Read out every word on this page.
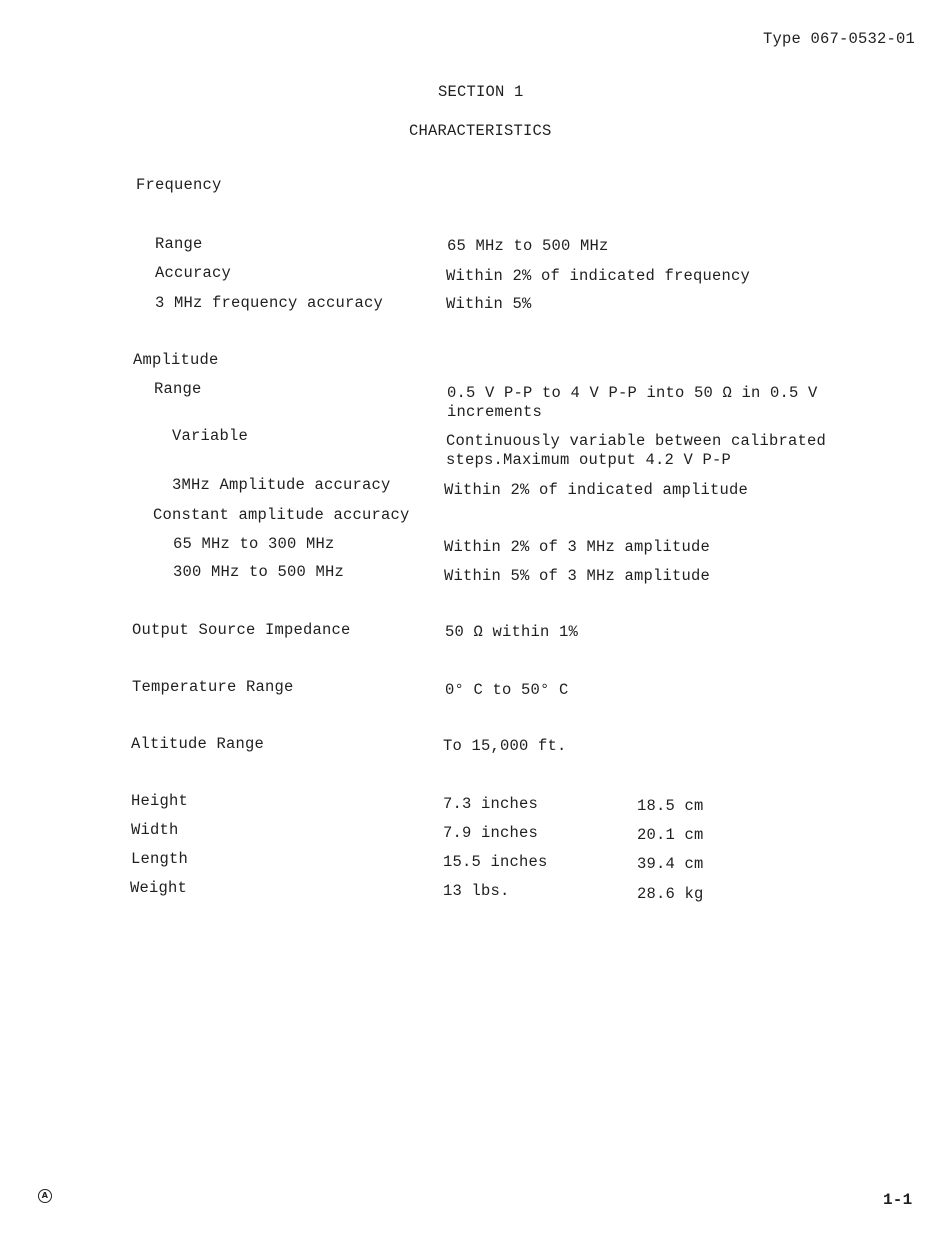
Type 067-0532-01
SECTION 1
CHARACTERISTICS
Frequency
Range	65 MHz to 500 MHz
Accuracy	Within 2% of indicated frequency
3 MHz frequency accuracy	Within 5%
Amplitude
Range	0.5 V P-P to 4 V P-P into 50 Ω in 0.5 V increments
Variable	Continuously variable between calibrated steps.Maximum output 4.2 V P-P
3MHz Amplitude accuracy	Within 2% of indicated amplitude
Constant amplitude accuracy
65 MHz to 300 MHz	Within 2% of 3 MHz amplitude
300 MHz to 500 MHz	Within 5% of 3 MHz amplitude
Output Source Impedance	50 Ω within 1%
Temperature Range	0° C to 50° C
Altitude Range	To 15,000 ft.
Height	7.3 inches	18.5 cm
Width	7.9 inches	20.1 cm
Length	15.5 inches	39.4 cm
Weight	13 lbs.	28.6 kg
A	1-1
